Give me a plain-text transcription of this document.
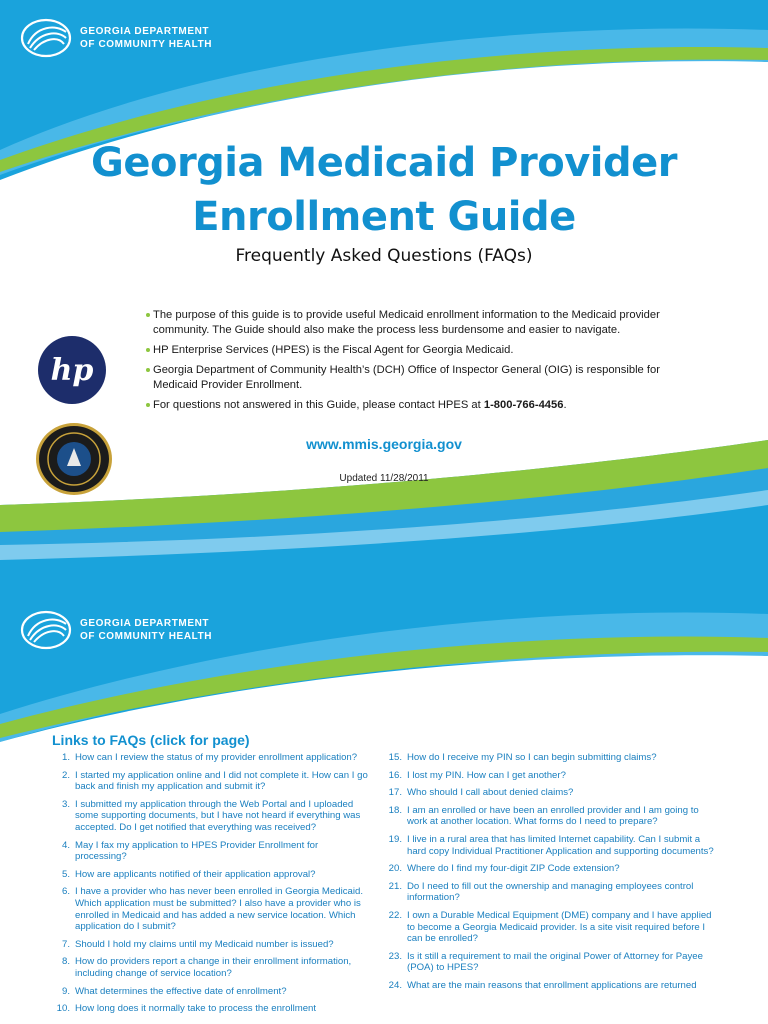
GEORGIA DEPARTMENT
OF COMMUNITY HEALTH
Georgia Medicaid Provider
Enrollment Guide
Frequently Asked Questions (FAQs)
hp
The purpose of this guide is to provide useful Medicaid enrollment information to the Medicaid provider community. The Guide should also make the process less burdensome and easier to navigate.
HP Enterprise Services (HPES) is the Fiscal Agent for Georgia Medicaid.
Georgia Department of Community Health’s (DCH) Office of Inspector General (OIG) is responsible for Medicaid Provider Enrollment.
For questions not answered in this Guide, please contact HPES at 1-800-766-4456.
www.mmis.georgia.gov
Updated 11/28/2011
GEORGIA DEPARTMENT
OF COMMUNITY HEALTH
Links to FAQs (click for page)
1. How can I review the status of my provider enrollment application?
2. I started my application online and I did not complete it. How can I go back and finish my application and submit it?
3. I submitted my application through the Web Portal and I uploaded some supporting documents, but I have not heard if everything was accepted. Do I get notified that everything was received?
4. May I fax my application to HPES Provider Enrollment for processing?
5. How are applicants notified of their application approval?
6. I have a provider who has never been enrolled in Georgia Medicaid. Which application must be submitted? I also have a provider who is enrolled in Medicaid and has added a new service location. Which application do I submit?
7. Should I hold my claims until my Medicaid number is issued?
8. How do providers report a change in their enrollment information, including change of service location?
9. What determines the effective date of enrollment?
10. How long does it normally take to process the enrollment
15. How do I receive my PIN so I can begin submitting claims?
16. I lost my PIN. How can I get another?
17. Who should I call about denied claims?
18. I am an enrolled or have been an enrolled provider and I am going to work at another location. What forms do I need to prepare?
19. I live in a rural area that has limited Internet capability. Can I submit a hard copy Individual Practitioner Application and supporting documents?
20. Where do I find my four-digit ZIP Code extension?
21. Do I need to fill out the ownership and managing employees control information?
22. I own a Durable Medical Equipment (DME) company and I have applied to become a Georgia Medicaid provider. Is a site visit required before I can be enrolled?
23. Is it still a requirement to mail the original Power of Attorney for Payee (POA) to HPES?
24. What are the main reasons that enrollment applications are returned
